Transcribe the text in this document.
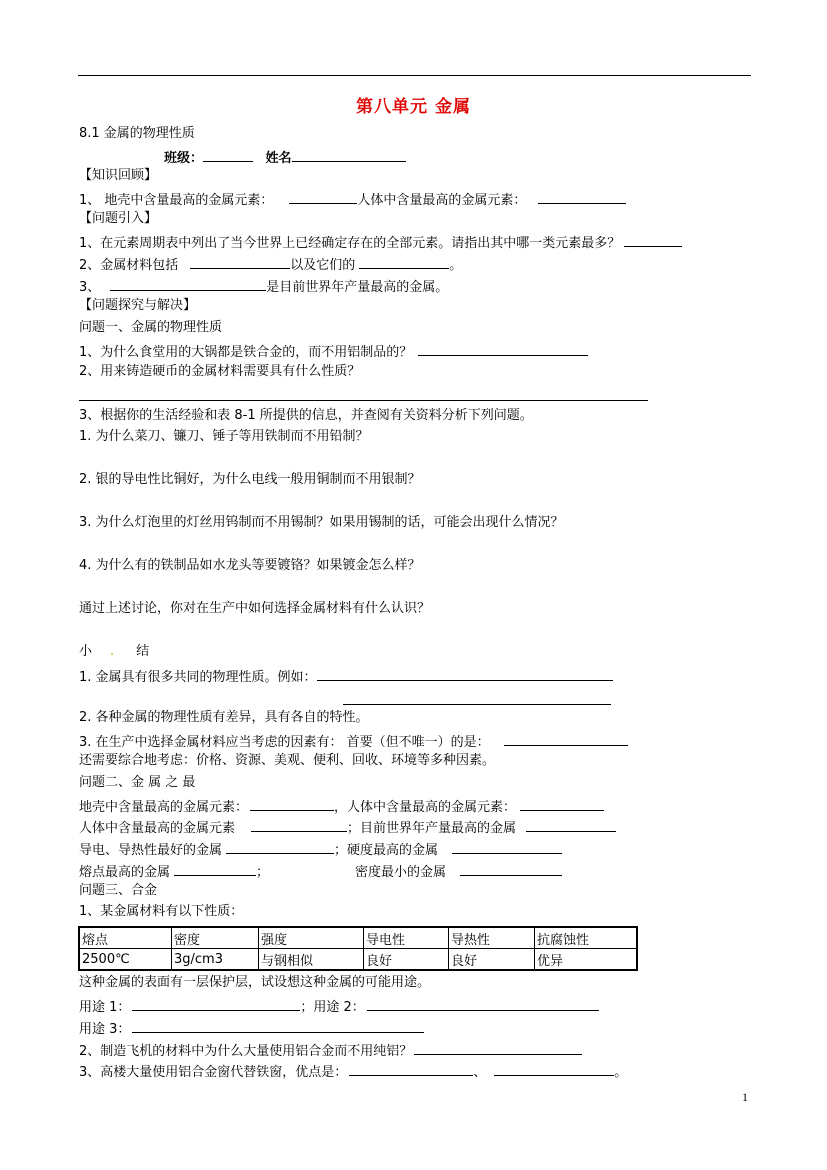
第八单元 金属
8.1 金属的物理性质
班级：	姓名
【知识回顾】
1、 地壳中含量最高的金属元素：	人体中含量最高的金属元素：
【问题引入】
1、在元素周期表中列出了当今世界上已经确定存在的全部元素。请指出其中哪一类元素最多？
2、金属材料包括	以及它们的	。
3、	是目前世界年产量最高的金属。
【问题探究与解决】
问题一、金属的物理性质
1、为什么食堂用的大锅都是铁合金的，而不用铝制品的？
2、用来铸造硬币的金属材料需要具有什么性质？
3、根据你的生活经验和表 8-1 所提供的信息，并查阅有关资料分析下列问题。
1. 为什么菜刀、镰刀、锤子等用铁制而不用铅制？
2. 银的导电性比铜好，为什么电线一般用铜制而不用银制？
3. 为什么灯泡里的灯丝用钨制而不用锡制？如果用锡制的话，可能会出现什么情况？
4. 为什么有的铁制品如水龙头等要镀铬？如果镀金怎么样？
通过上述讨论，你对在生产中如何选择金属材料有什么认识？
小 . 结
1. 金属具有很多共同的物理性质。例如：
2. 各种金属的物理性质有差异，具有各自的特性。
3. 在生产中选择金属材料应当考虑的因素有： 首要（但不唯一）的是：
还需要综合地考虑：价格、资源、美观、便利、回收、环境等多种因素。
问题二、金 属 之 最
地壳中含量最高的金属元素：	，人体中含量最高的金属元素：
人体中含量最高的金属元素	；目前世界年产量最高的金属
导电、导热性最好的金属	；硬度最高的金属
熔点最高的金属	；	密度最小的金属
问题三、合金
1、某金属材料有以下性质：
熔点	密度	强度	导电性	导热性	抗腐蚀性
2500℃	3g/cm3	与钢相似	良好	良好	优异
这种金属的表面有一层保护层，试设想这种金属的可能用途。
用途 1：	；用途 2：
用途 3：
2、制造飞机的材料中为什么大量使用铝合金而不用纯铝？
3、高楼大量使用铝合金窗代替铁窗，优点是：	、	。
1
